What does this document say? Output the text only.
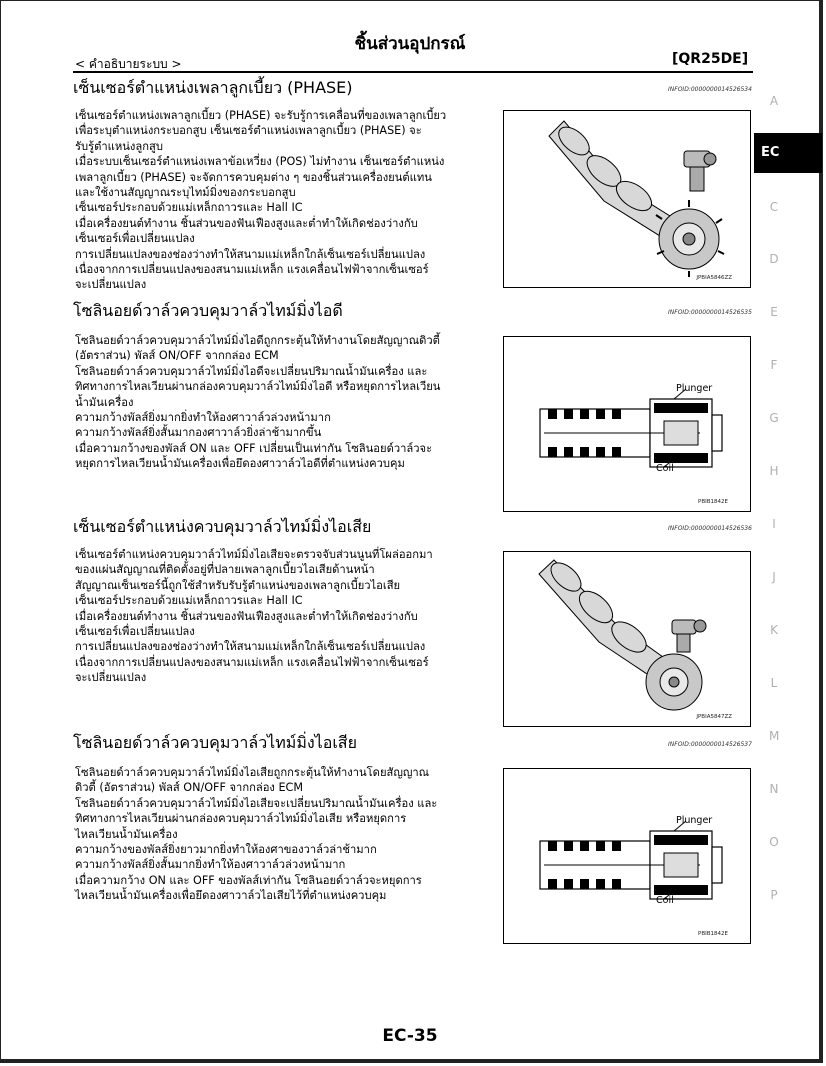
ชิ้นส่วนอุปกรณ์
< คำอธิบายระบบ >	[QR25DE]
เซ็นเซอร์ตำแหน่งเพลาลูกเบี้ยว (PHASE)	INFOID:0000000014526534
เซ็นเซอร์ตำแหน่งเพลาลูกเบี้ยว (PHASE) จะรับรู้การเคลื่อนที่ของเพลาลูกเบี้ยว
เพื่อระบุตำแหน่งกระบอกสูบ เซ็นเซอร์ตำแหน่งเพลาลูกเบี้ยว (PHASE) จะ
รับรู้ตำแหน่งลูกสูบ
เมื่อระบบเซ็นเซอร์ตำแหน่งเพลาข้อเหวี่ยง (POS) ไม่ทำงาน เซ็นเซอร์ตำแหน่ง
เพลาลูกเบี้ยว (PHASE) จะจัดการควบคุมต่าง ๆ ของชิ้นส่วนเครื่องยนต์แทน
และใช้งานสัญญาณระบุไทม์มิ่งของกระบอกสูบ
เซ็นเซอร์ประกอบด้วยแม่เหล็กถาวรและ Hall IC
เมื่อเครื่องยนต์ทำงาน ชิ้นส่วนของฟันเฟืองสูงและต่ำทำให้เกิดช่องว่างกับ
เซ็นเซอร์เพื่อเปลี่ยนแปลง
การเปลี่ยนแปลงของช่องว่างทำให้สนามแม่เหล็กใกล้เซ็นเซอร์เปลี่ยนแปลง
เนื่องจากการเปลี่ยนแปลงของสนามแม่เหล็ก แรงเคลื่อนไฟฟ้าจากเซ็นเซอร์
จะเปลี่ยนแปลง
JPBIA5846ZZ
โซลินอยด์วาล์วควบคุมวาล์วไทม์มิ่งไอดี	INFOID:0000000014526535
โซลินอยด์วาล์วควบคุมวาล์วไทม์มิ่งไอดีถูกกระตุ้นให้ทำงานโดยสัญญาณดิวตี้
(อัตราส่วน) พัลส์ ON/OFF จากกล่อง ECM
โซลินอยด์วาล์วควบคุมวาล์วไทม์มิ่งไอดีจะเปลี่ยนปริมาณน้ำมันเครื่อง และ
ทิศทางการไหลเวียนผ่านกล่องควบคุมวาล์วไทม์มิ่งไอดี หรือหยุดการไหลเวียน
น้ำมันเครื่อง
ความกว้างพัลส์ยิ่งมากยิ่งทำให้องศาวาล์วล่วงหน้ามาก
ความกว้างพัลส์ยิ่งสั้นมากองศาวาล์วยิ่งล่าช้ามากขึ้น
เมื่อความกว้างของพัลส์ ON และ OFF เปลี่ยนเป็นเท่ากัน โซลินอยด์วาล์วจะ
หยุดการไหลเวียนน้ำมันเครื่องเพื่อยึดองศาวาล์วไอดีที่ตำแหน่งควบคุม
Plunger
Coil
PBIB1842E
เซ็นเซอร์ตำแหน่งควบคุมวาล์วไทม์มิ่งไอเสีย	INFOID:0000000014526536
เซ็นเซอร์ตำแหน่งควบคุมวาล์วไทม์มิ่งไอเสียจะตรวจจับส่วนนูนที่โผล่ออกมา
ของแผ่นสัญญาณที่ติดตั้งอยู่ที่ปลายเพลาลูกเบี้ยวไอเสียด้านหน้า
สัญญาณเซ็นเซอร์นี้ถูกใช้สำหรับรับรู้ตำแหน่งของเพลาลูกเบี้ยวไอเสีย
เซ็นเซอร์ประกอบด้วยแม่เหล็กถาวรและ Hall IC
เมื่อเครื่องยนต์ทำงาน ชิ้นส่วนของฟันเฟืองสูงและต่ำทำให้เกิดช่องว่างกับ
เซ็นเซอร์เพื่อเปลี่ยนแปลง
การเปลี่ยนแปลงของช่องว่างทำให้สนามแม่เหล็กใกล้เซ็นเซอร์เปลี่ยนแปลง
เนื่องจากการเปลี่ยนแปลงของสนามแม่เหล็ก แรงเคลื่อนไฟฟ้าจากเซ็นเซอร์
จะเปลี่ยนแปลง
JPBIA5847ZZ
โซลินอยด์วาล์วควบคุมวาล์วไทม์มิ่งไอเสีย	INFOID:0000000014526537
โซลินอยด์วาล์วควบคุมวาล์วไทม์มิ่งไอเสียถูกกระตุ้นให้ทำงานโดยสัญญาณ
ดิวตี้ (อัตราส่วน) พัลส์ ON/OFF จากกล่อง ECM
โซลินอยด์วาล์วควบคุมวาล์วไทม์มิ่งไอเสียจะเปลี่ยนปริมาณน้ำมันเครื่อง และ
ทิศทางการไหลเวียนผ่านกล่องควบคุมวาล์วไทม์มิ่งไอเสีย หรือหยุดการ
ไหลเวียนน้ำมันเครื่อง
ความกว้างของพัลส์ยิ่งยาวมากยิ่งทำให้องศาของวาล์วล่าช้ามาก
ความกว้างพัลส์ยิ่งสั้นมากยิ่งทำให้องศาวาล์วล่วงหน้ามาก
เมื่อความกว้าง ON และ OFF ของพัลส์เท่ากัน โซลินอยด์วาล์วจะหยุดการ
ไหลเวียนน้ำมันเครื่องเพื่อยึดองศาวาล์วไอเสียไว้ที่ตำแหน่งควบคุม
Plunger
Coil
PBIB1842E
A
EC
C
D
E
F
G
H
I
J
K
L
M
N
O
P
EC-35
